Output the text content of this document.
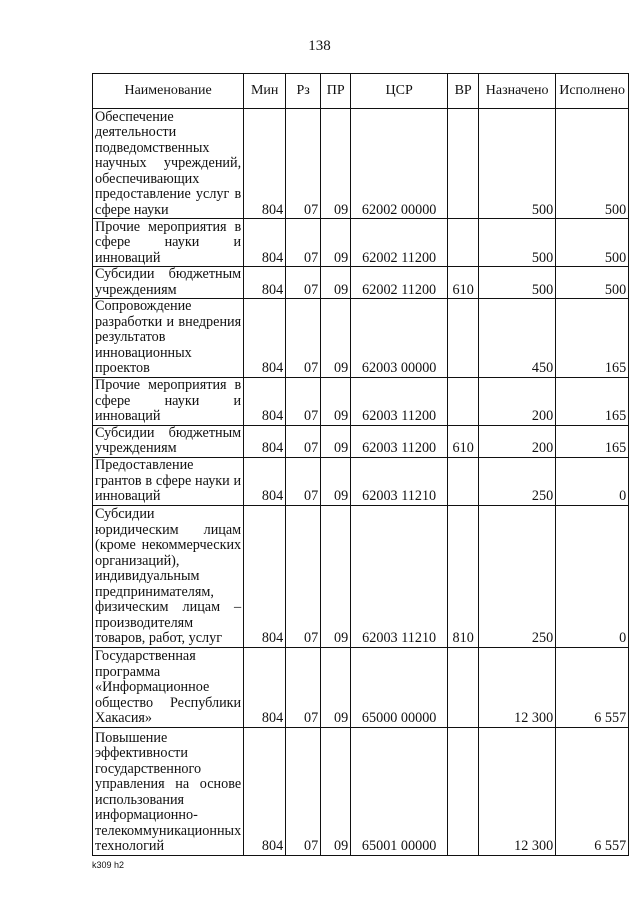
138
Наименование	Мин	Рз	ПР	ЦСР	ВР	Назначено	Исполнено
Обеспечение деятельности подведомственных научных учреждений, обеспечивающих предоставление услуг в сфере науки	804	07	09	62002 00000		500	500
Прочие мероприятия в сфере науки и инноваций	804	07	09	62002 11200		500	500
Субсидии бюджетным учреждениям	804	07	09	62002 11200	610	500	500
Сопровождение разработки и внедрения результатов инновационных проектов	804	07	09	62003 00000		450	165
Прочие мероприятия в сфере науки и инноваций	804	07	09	62003 11200		200	165
Субсидии бюджетным учреждениям	804	07	09	62003 11200	610	200	165
Предоставление грантов в сфере науки и инноваций	804	07	09	62003 11210		250	0
Субсидии юридическим лицам (кроме некоммерческих организаций), индивидуальным предпринимателям, физическим лицам – производителям товаров, работ, услуг	804	07	09	62003 11210	810	250	0
Государственная программа «Информационное общество Республики Хакасия»	804	07	09	65000 00000		12 300	6 557
Повышение эффективности государственного управления на основе использования информационно-телекоммуникационных технологий	804	07	09	65001 00000		12 300	6 557
k309 h2
